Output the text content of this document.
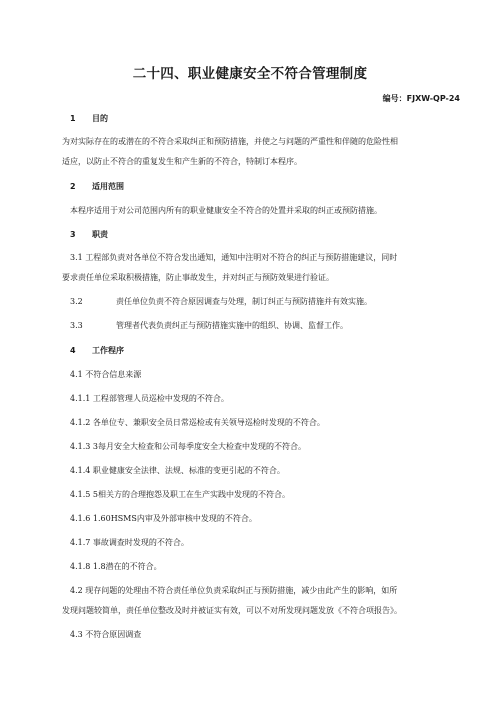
二十四、职业健康安全不符合管理制度
编号：FJXW-QP-24
1 目的
为对实际存在的或潜在的不符合采取纠正和预防措施，并使之与问题的严重性和伴随的危险性相
适应，以防止不符合的重复发生和产生新的不符合，特制订本程序。
2 适用范围
本程序适用于对公司范围内所有的职业健康安全不符合的处置并采取的纠正或预防措施。
3 职责
3.1 工程部负责对各单位不符合发出通知，通知中注明对不符合的纠正与预防措施建议，同时
要求责任单位采取积极措施，防止事故发生，并对纠正与预防效果进行验证。
3.2	责任单位负责不符合原因调查与处理，制订纠正与预防措施并有效实施。
3.3	管理者代表负责纠正与预防措施实施中的组织、协调、监督工作。
4 工作程序
4.1 不符合信息来源
4.1.1 工程部管理人员巡检中发现的不符合。
4.1.2 各单位专、兼职安全员日常巡检或有关领导巡检时发现的不符合。
4.1.3 3每月安全大检查和公司每季度安全大检查中发现的不符合。
4.1.4 职业健康安全法律、法规、标准的变更引起的不符合。
4.1.5 5相关方的合理抱怨及职工在生产实践中发现的不符合。
4.1.6 1.60HSMS内审及外部审核中发现的不符合。
4.1.7 事故调查时发现的不符合。
4.1.8 1.8潜在的不符合。
4.2 现存问题的处理由不符合责任单位负责采取纠正与预防措施，减少由此产生的影响，如所
发现问题较简单，责任单位整改及时并被证实有效，可以不对所发现问题发放《不符合项报告》。
4.3 不符合原因调查
